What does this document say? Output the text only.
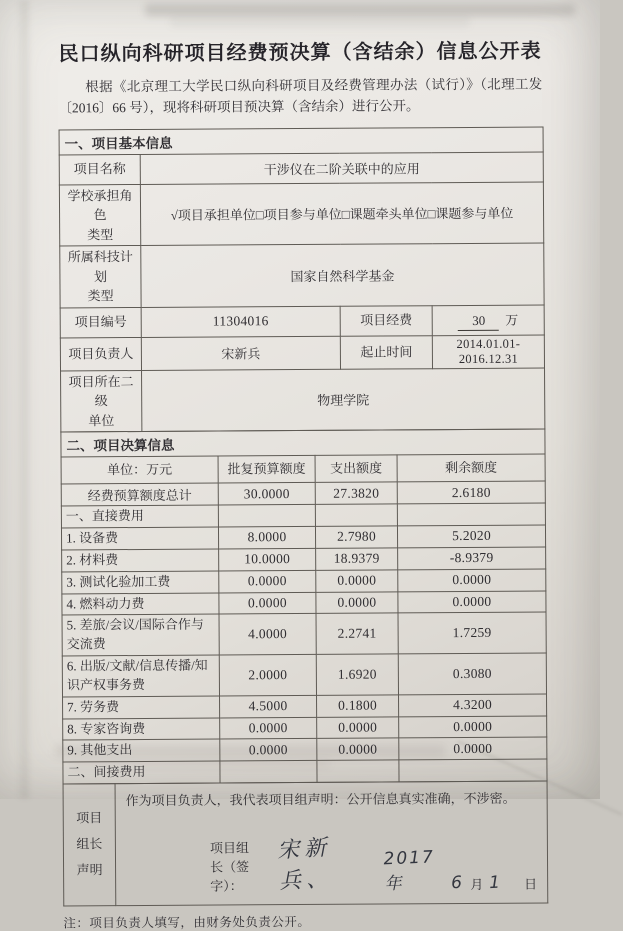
民口纵向科研项目经费预决算（含结余）信息公开表
根据《北京理工大学民口纵向科研项目及经费管理办法（试行）》（北理工发〔2016〕66 号），现将科研项目预决算（含结余）进行公开。
一、项目基本信息			
项目名称	干涉仪在二阶关联中的应用		
学校承担角色
类型	√项目承担单位□项目参与单位□课题牵头单位□课题参与单位		
所属科技计划
类型	国家自然科学基金		
项目编号	11304016	项目经费	30 万
项目负责人	宋新兵	起止时间	2014.01.01-2016.12.31
项目所在二级
单位	物理学院		
二、项目决算信息			
单位：万元	批复预算额度	支出额度	剩余额度
经费预算额度总计	30.0000	27.3820	2.6180
一、直接费用			
1. 设备费	8.0000	2.7980	5.2020
2. 材料费	10.0000	18.9379	-8.9379
3. 测试化验加工费	0.0000	0.0000	0.0000
4. 燃料动力费	0.0000	0.0000	0.0000
5. 差旅/会议/国际合作与交流费	4.0000	2.2741	1.7259
6. 出版/文献/信息传播/知识产权事务费	2.0000	1.6920	0.3080
7. 劳务费	4.5000	0.1800	4.3200
8. 专家咨询费	0.0000	0.0000	0.0000
9. 其他支出	0.0000	0.0000	0.0000
二、间接费用			
项目
组长
声明	
作为项目负责人，我代表项目组声明：公开信息真实准确，不涉密。
项目组长（签字）：
宋新兵、
2017年	6 月 1 日
注：项目负责人填写，由财务处负责公开。
